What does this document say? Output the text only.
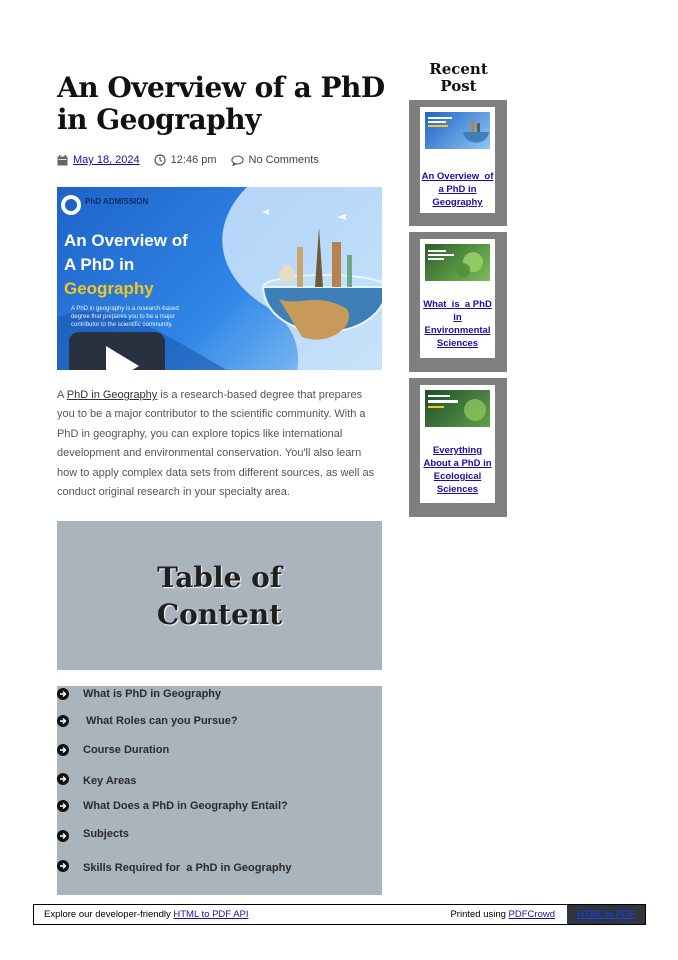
An Overview of a PhD in Geography
May 18, 2024	12:46 pm	No Comments
PhD ADMISSION
An Overview of
A PhD in
Geography
A PhD in geography is a research-based degree that prepares you to be a major contributor to the scientific community.

A PhD in Geography is a research-based degree that prepares you to be a major contributor to the scientific community. With a PhD in geography, you can explore topics like international development and environmental conservation. You'll also learn how to apply complex data sets from different sources, as well as conduct original research in your specialty area.

Table of
Content
What is PhD in Geography
What Roles can you Pursue?
Course Duration
Key Areas
What Does a PhD in Geography Entail?
Subjects
Skills Required for  a PhD in Geography
Recent
Post
An Overview  of
a PhD in
Geography
What  is  a PhD
in
Environmental
Sciences
Everything
About a PhD in
Ecological
Sciences
Explore our developer-friendly HTML to PDF API	Printed using PDFCrowd	HTML to PDF
